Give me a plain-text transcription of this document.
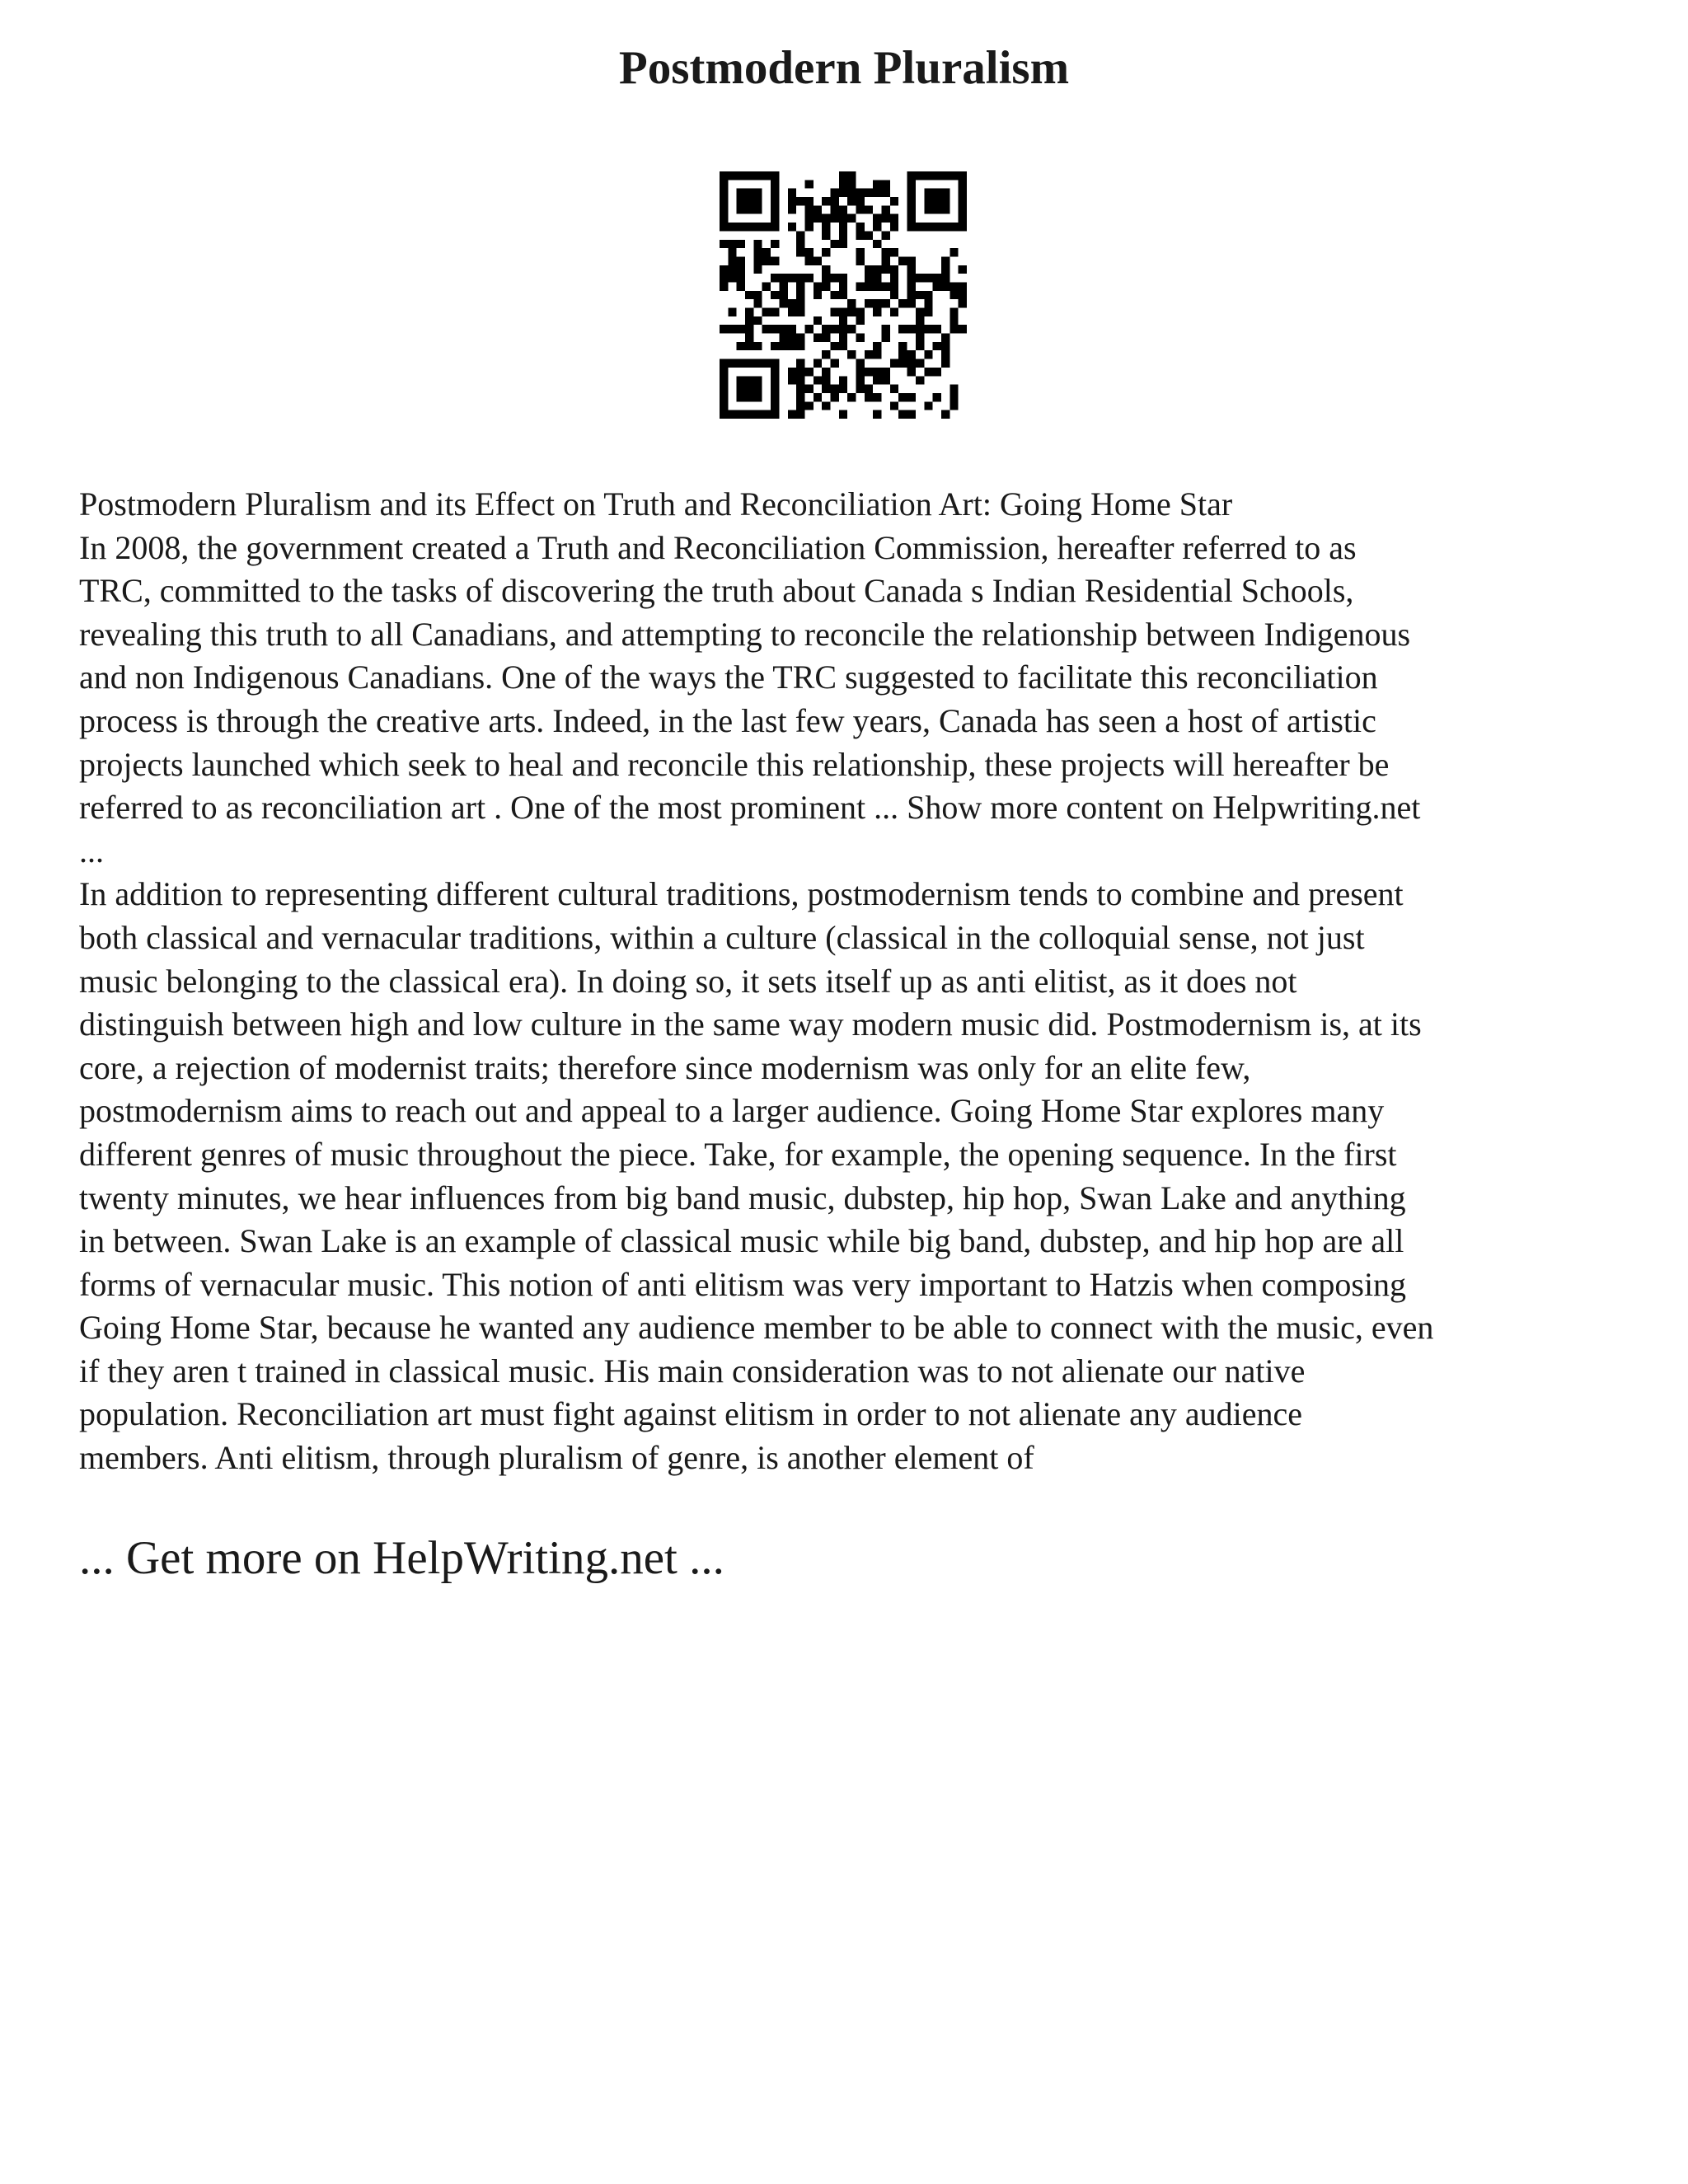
Postmodern Pluralism

Postmodern Pluralism and its Effect on Truth and Reconciliation Art: Going Home Star
In 2008, the government created a Truth and Reconciliation Commission, hereafter referred to as
TRC, committed to the tasks of discovering the truth about Canada s Indian Residential Schools,
revealing this truth to all Canadians, and attempting to reconcile the relationship between Indigenous
and non Indigenous Canadians. One of the ways the TRC suggested to facilitate this reconciliation
process is through the creative arts. Indeed, in the last few years, Canada has seen a host of artistic
projects launched which seek to heal and reconcile this relationship, these projects will hereafter be
referred to as reconciliation art . One of the most prominent ... Show more content on Helpwriting.net
...

In addition to representing different cultural traditions, postmodernism tends to combine and present
both classical and vernacular traditions, within a culture (classical in the colloquial sense, not just
music belonging to the classical era). In doing so, it sets itself up as anti elitist, as it does not
distinguish between high and low culture in the same way modern music did. Postmodernism is, at its
core, a rejection of modernist traits; therefore since modernism was only for an elite few,
postmodernism aims to reach out and appeal to a larger audience. Going Home Star explores many
different genres of music throughout the piece. Take, for example, the opening sequence. In the first
twenty minutes, we hear influences from big band music, dubstep, hip hop, Swan Lake and anything
in between. Swan Lake is an example of classical music while big band, dubstep, and hip hop are all
forms of vernacular music. This notion of anti elitism was very important to Hatzis when composing
Going Home Star, because he wanted any audience member to be able to connect with the music, even
if they aren t trained in classical music. His main consideration was to not alienate our native
population. Reconciliation art must fight against elitism in order to not alienate any audience
members. Anti elitism, through pluralism of genre, is another element of

... Get more on HelpWriting.net ...
